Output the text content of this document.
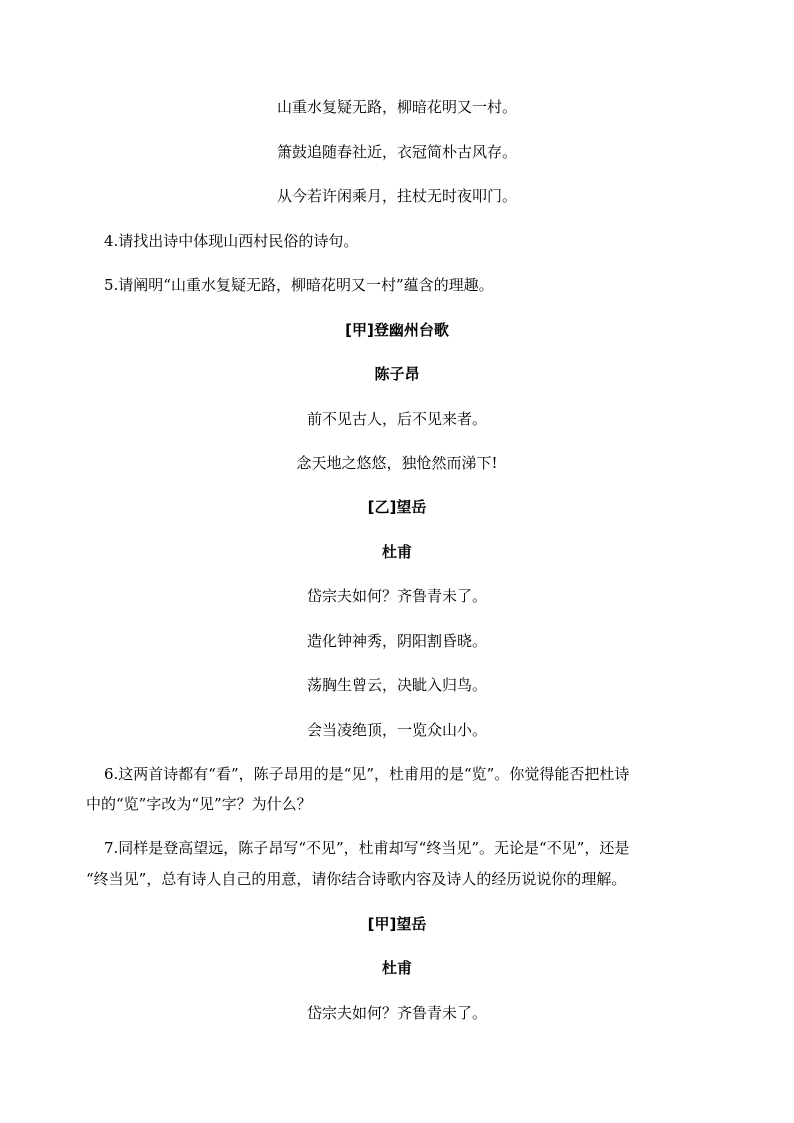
山重水复疑无路，柳暗花明又一村。
箫鼓追随春社近，衣冠简朴古风存。
从今若许闲乘月，拄杖无时夜叩门。
4.请找出诗中体现山西村民俗的诗句。
5.请阐明“山重水复疑无路，柳暗花明又一村”蕴含的理趣。
[甲]登幽州台歌
陈子昂
前不见古人，后不见来者。
念天地之悠悠，独怆然而涕下!
[乙]望岳
杜甫
岱宗夫如何？齐鲁青未了。
造化钟神秀，阴阳割昏晓。
荡胸生曾云，决眦入归鸟。
会当凌绝顶，一览众山小。
6.这两首诗都有“看”，陈子昂用的是“见”，杜甫用的是“览”。你觉得能否把杜诗
中的“览”字改为“见”字？为什么？
7.同样是登高望远，陈子昂写“不见”，杜甫却写“终当见”。无论是“不见”，还是
“终当见”，总有诗人自己的用意，请你结合诗歌内容及诗人的经历说说你的理解。
[甲]望岳
杜甫
岱宗夫如何？齐鲁青未了。
